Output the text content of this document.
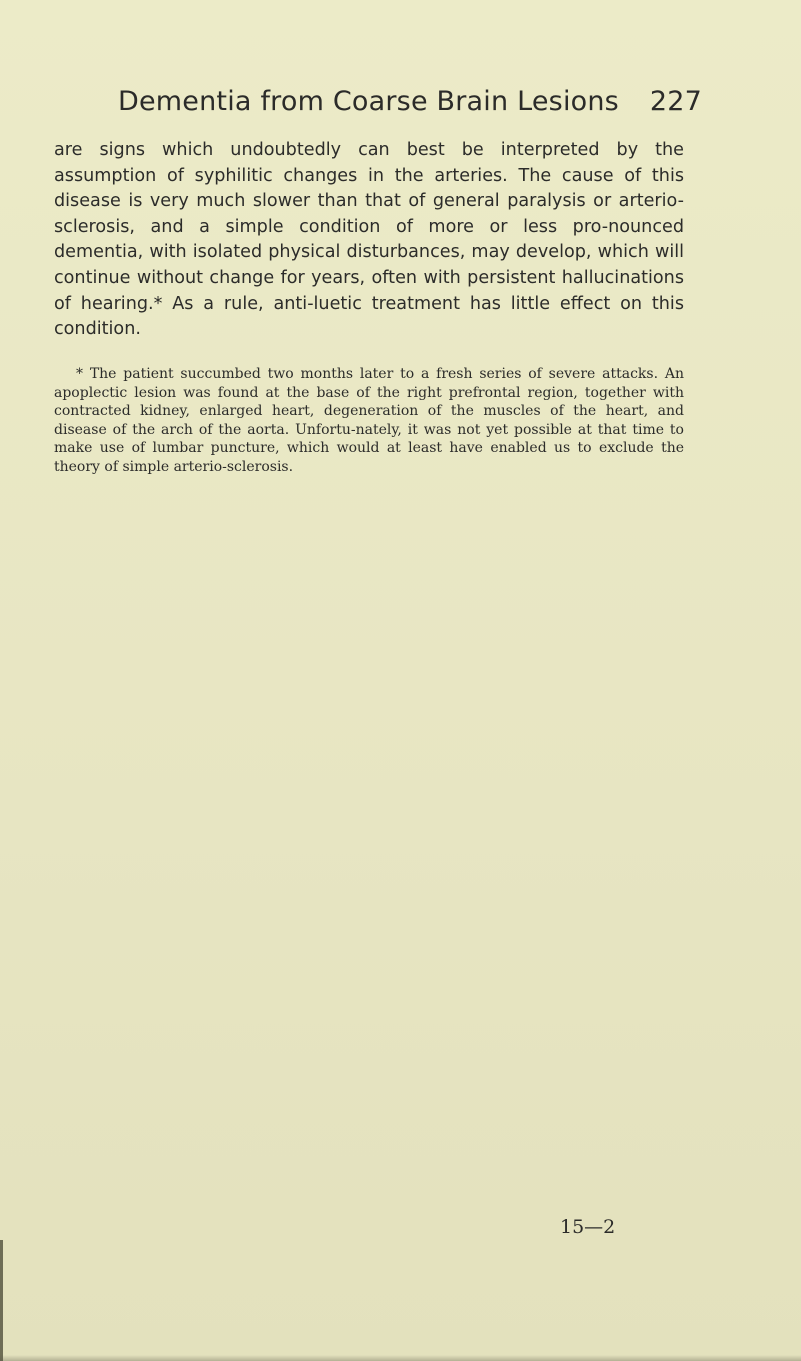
Dementia from Coarse Brain Lesions 227
are signs which undoubtedly can best be interpreted by the assumption of syphilitic changes in the arteries. The cause of this disease is very much slower than that of general paralysis or arterio-sclerosis, and a simple condition of more or less pro-nounced dementia, with isolated physical disturbances, may develop, which will continue without change for years, often with persistent hallucinations of hearing.* As a rule, anti-luetic treatment has little effect on this condition.
* The patient succumbed two months later to a fresh series of severe attacks. An apoplectic lesion was found at the base of the right prefrontal region, together with contracted kidney, enlarged heart, degeneration of the muscles of the heart, and disease of the arch of the aorta. Unfortu-nately, it was not yet possible at that time to make use of lumbar puncture, which would at least have enabled us to exclude the theory of simple arterio-sclerosis.
15—2
